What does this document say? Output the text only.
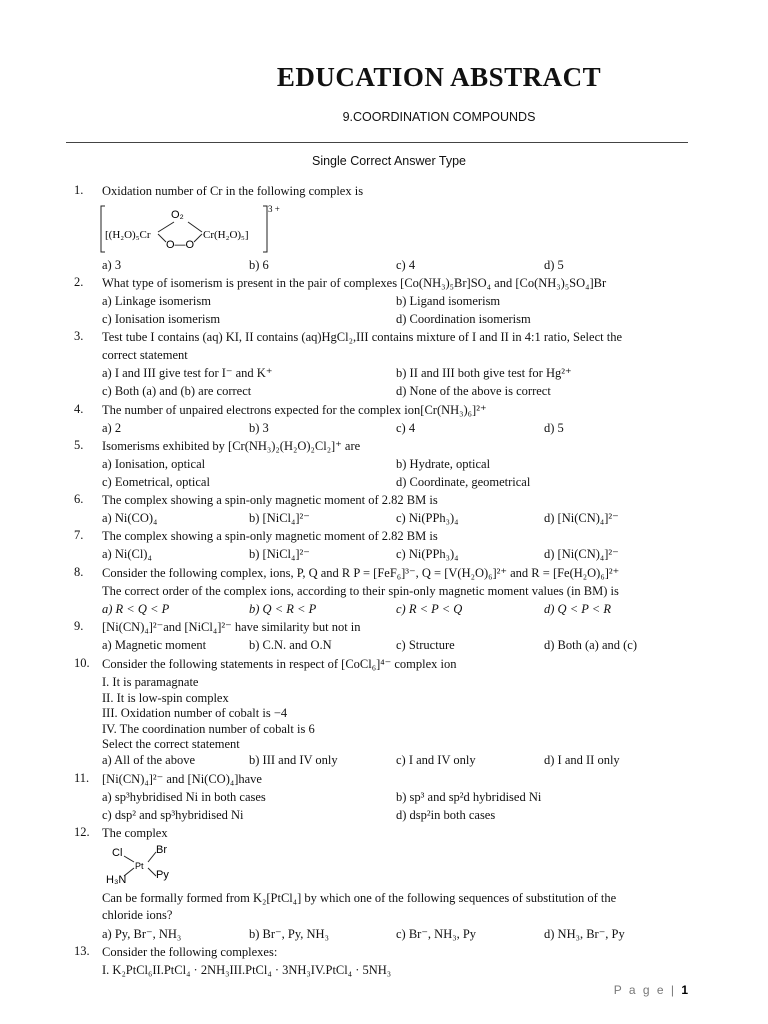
EDUCATION ABSTRACT
9.COORDINATION COMPOUNDS
Single Correct Answer Type
1. Oxidation number of Cr in the following complex is
[(H₂O)₅Cr
O₂
O—O
Cr(H₂O)₅]
3 +
a) 3	b) 6	c) 4	d) 5
2. What type of isomerism is present in the pair of complexes [Co(NH₃)₅Br]SO₄ and [Co(NH₃)₅SO₄]Br
a) Linkage isomerism	b) Ligand isomerism
c) Ionisation isomerism	d) Coordination isomerism
3. Test tube I contains (aq) KI, II contains (aq)HgCl₂,III contains mixture of I and II in 4:1 ratio, Select the
correct statement
a) I and III give test for I⁻ and K⁺	b) II and III both give test for Hg²⁺
c) Both (a) and (b) are correct	d) None of the above is correct
4. The number of unpaired electrons expected for the complex ion[Cr(NH₃)₆]²⁺
a) 2	b) 3	c) 4	d) 5
5. Isomerisms exhibited by [Cr(NH₃)₂(H₂O)₂Cl₂]⁺ are
a) Ionisation, optical	b) Hydrate, optical
c) Eometrical, optical	d) Coordinate, geometrical
6. The complex showing a spin-only magnetic moment of 2.82 BM is
a) Ni(CO)₄	b) [NiCl₄]²⁻	c) Ni(PPh₃)₄	d) [Ni(CN)₄]²⁻
7. The complex showing a spin-only magnetic moment of 2.82 BM is
a) Ni(Cl)₄	b) [NiCl₄]²⁻	c) Ni(PPh₃)₄	d) [Ni(CN)₄]²⁻
8. Consider the following complex, ions, P, Q and R P = [FeF₆]³⁻, Q = [V(H₂O)₆]²⁺ and R = [Fe(H₂O)₆]²⁺
The correct order of the complex ions, according to their spin-only magnetic moment values (in BM) is
a) R < Q < P	b) Q < R < P	c) R < P < Q	d) Q < P < R
9. [Ni(CN)₄]²⁻and [NiCl₄]²⁻ have similarity but not in
a) Magnetic moment	b) C.N. and O.N	c) Structure	d) Both (a) and (c)
10. Consider the following statements in respect of [CoCl₆]⁴⁻ complex ion
I. It is paramagnate
II. It is low-spin complex
III. Oxidation number of cobalt is −4
IV. The coordination number of cobalt is 6
Select the correct statement
a) All of the above	b) III and IV only	c) I and IV only	d) I and II only
11. [Ni(CN)₄]²⁻ and [Ni(CO)₄]have
a) sp³hybridised Ni in both cases	b) sp³ and sp²d hybridised Ni
c) dsp² and sp³hybridised Ni	d) dsp²in both cases
12. The complex
Cl	Br
Pt
H₃N	Py
Can be formally formed from K₂[PtCl₄] by which one of the following sequences of substitution of the
chloride ions?
a) Py, Br⁻, NH₃	b) Br⁻, Py, NH₃	c) Br⁻, NH₃, Py	d) NH₃, Br⁻, Py
13. Consider the following complexes:
I. K₂PtCl₆II.PtCl₄ · 2NH₃III.PtCl₄ · 3NH₃IV.PtCl₄ · 5NH₃
P a g e | 1
